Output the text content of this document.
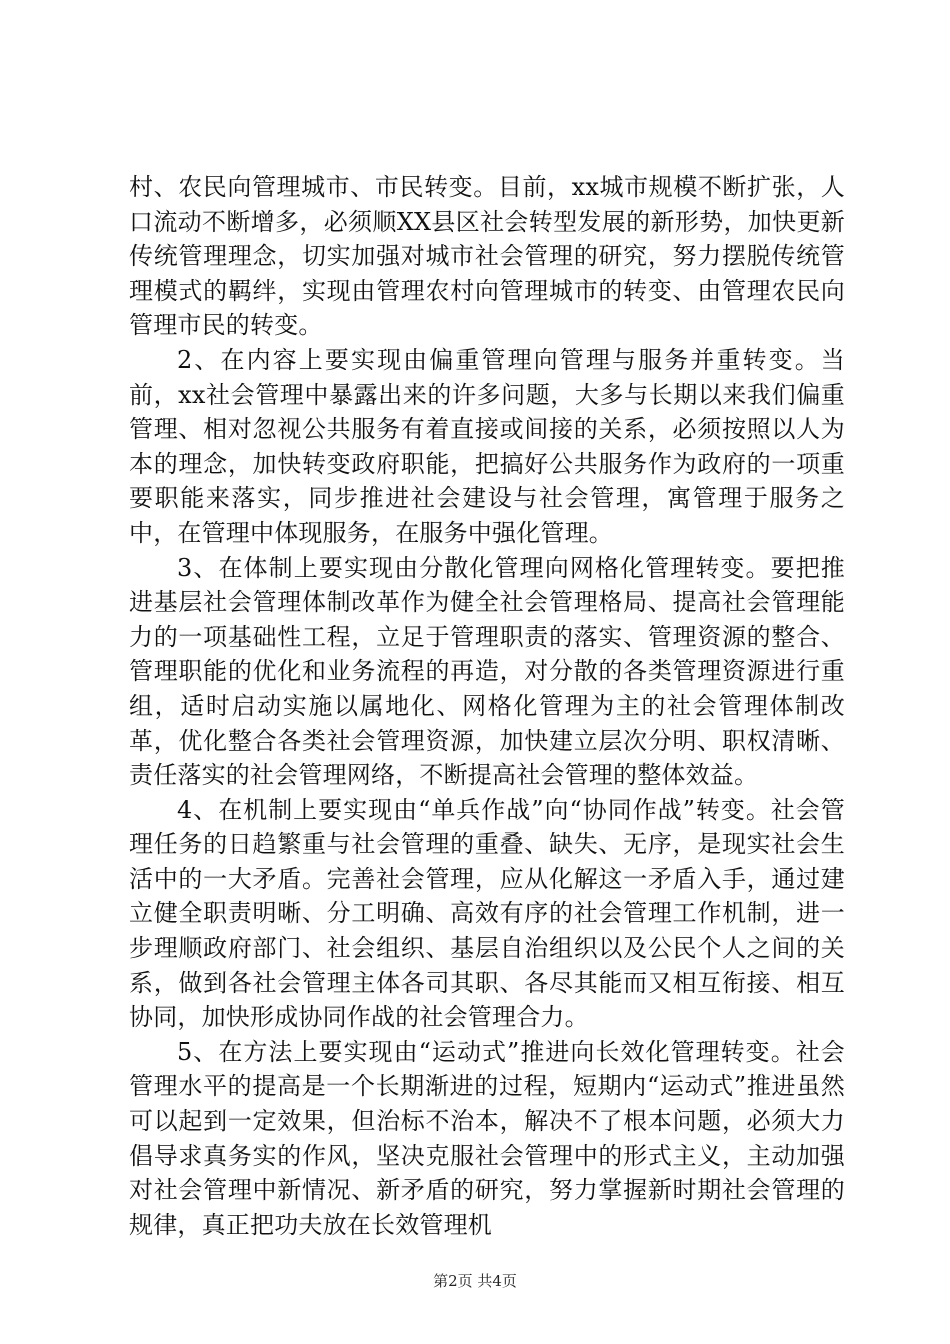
村、农民向管理城市、市民转变。目前，xx城市规模不断扩张，人口流动不断增多，必须顺XX县区社会转型发展的新形势，加快更新传统管理理念，切实加强对城市社会管理的研究，努力摆脱传统管理模式的羁绊，实现由管理农村向管理城市的转变、由管理农民向管理市民的转变。

2、在内容上要实现由偏重管理向管理与服务并重转变。当前，xx社会管理中暴露出来的许多问题，大多与长期以来我们偏重管理、相对忽视公共服务有着直接或间接的关系，必须按照以人为本的理念，加快转变政府职能，把搞好公共服务作为政府的一项重要职能来落实，同步推进社会建设与社会管理，寓管理于服务之中，在管理中体现服务，在服务中强化管理。

3、在体制上要实现由分散化管理向网格化管理转变。要把推进基层社会管理体制改革作为健全社会管理格局、提高社会管理能力的一项基础性工程，立足于管理职责的落实、管理资源的整合、管理职能的优化和业务流程的再造，对分散的各类管理资源进行重组，适时启动实施以属地化、网格化管理为主的社会管理体制改革，优化整合各类社会管理资源，加快建立层次分明、职权清晰、责任落实的社会管理网络，不断提高社会管理的整体效益。

4、在机制上要实现由“单兵作战”向“协同作战”转变。社会管理任务的日趋繁重与社会管理的重叠、缺失、无序，是现实社会生活中的一大矛盾。完善社会管理，应从化解这一矛盾入手，通过建立健全职责明晰、分工明确、高效有序的社会管理工作机制，进一步理顺政府部门、社会组织、基层自治组织以及公民个人之间的关系，做到各社会管理主体各司其职、各尽其能而又相互衔接、相互协同，加快形成协同作战的社会管理合力。

5、在方法上要实现由“运动式”推进向长效化管理转变。社会管理水平的提高是一个长期渐进的过程，短期内“运动式”推进虽然可以起到一定效果，但治标不治本，解决不了根本问题，必须大力倡导求真务实的作风，坚决克服社会管理中的形式主义，主动加强对社会管理中新情况、新矛盾的研究，努力掌握新时期社会管理的规律，真正把功夫放在长效管理机

第2页 共4页
